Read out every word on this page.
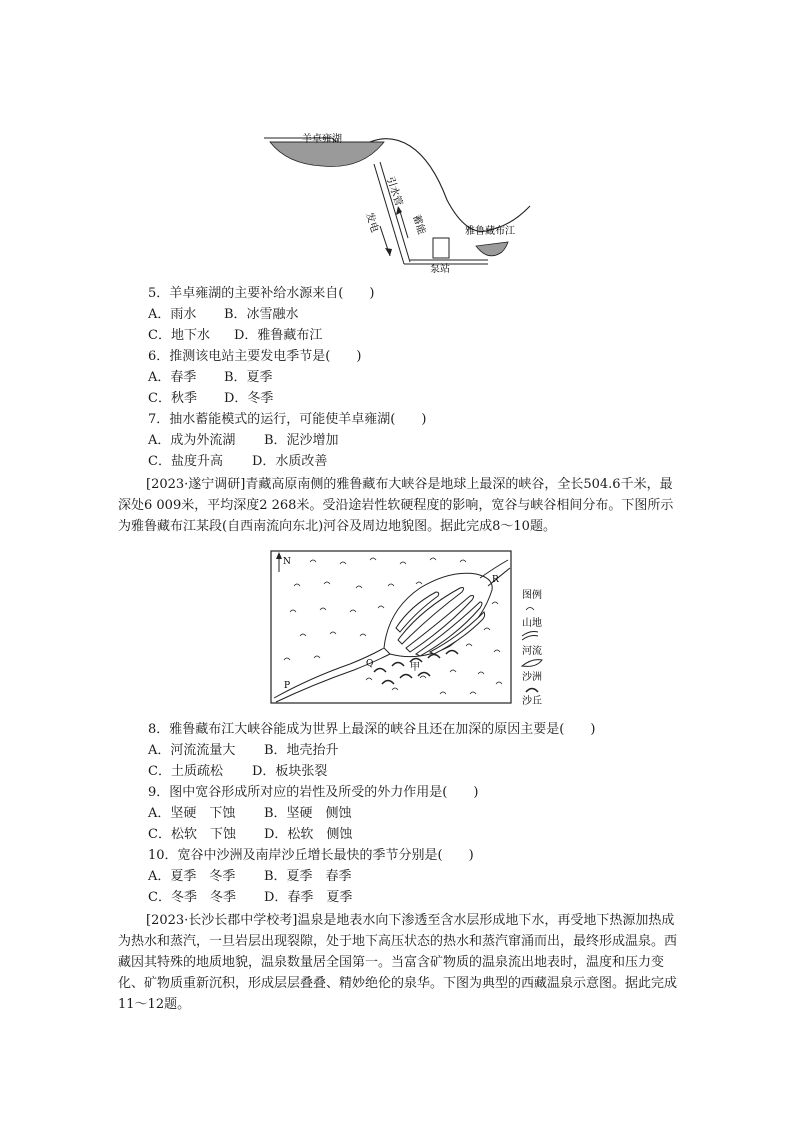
羊卓雍湖
引水管
发电	蓄能
泵站
雅鲁藏布江
5．羊卓雍湖的主要补给水源来自(　　)
A．雨水 B．冰雪融水
C．地下水 D．雅鲁藏布江
6．推测该电站主要发电季节是(　　)
A．春季 B．夏季
C．秋季 D．冬季
7．抽水蓄能模式的运行，可能使羊卓雍湖(　　)
A．成为外流湖 B．泥沙增加
C．盐度升高 D．水质改善
[2023·遂宁调研]青藏高原南侧的雅鲁藏布大峡谷是地球上最深的峡谷，全长504.6千米，最深处6 009米，平均深度2 268米。受沿途岩性软硬程度的影响，宽谷与峡谷相间分布。下图所示为雅鲁藏布江某段(自西南流向东北)河谷及周边地貌图。据此完成8～10题。
N
P
Q
R
甲
图例
山地
河流
沙洲
沙丘
8．雅鲁藏布江大峡谷能成为世界上最深的峡谷且还在加深的原因主要是(　　)
A．河流流量大 B．地壳抬升
C．土质疏松 D．板块张裂
9．图中宽谷形成所对应的岩性及所受的外力作用是(　　)
A．坚硬　下蚀 B．坚硬　侧蚀
C．松软　下蚀 D．松软　侧蚀
10．宽谷中沙洲及南岸沙丘增长最快的季节分别是(　　)
A．夏季　冬季 B．夏季　春季
C．冬季　冬季 D．春季　夏季
[2023·长沙长郡中学校考]温泉是地表水向下渗透至含水层形成地下水，再受地下热源加热成为热水和蒸汽，一旦岩层出现裂隙，处于地下高压状态的热水和蒸汽窜涌而出，最终形成温泉。西藏因其特殊的地质地貌，温泉数量居全国第一。当富含矿物质的温泉流出地表时，温度和压力变化、矿物质重新沉积，形成层层叠叠、精妙绝伦的泉华。下图为典型的西藏温泉示意图。据此完成11～12题。
